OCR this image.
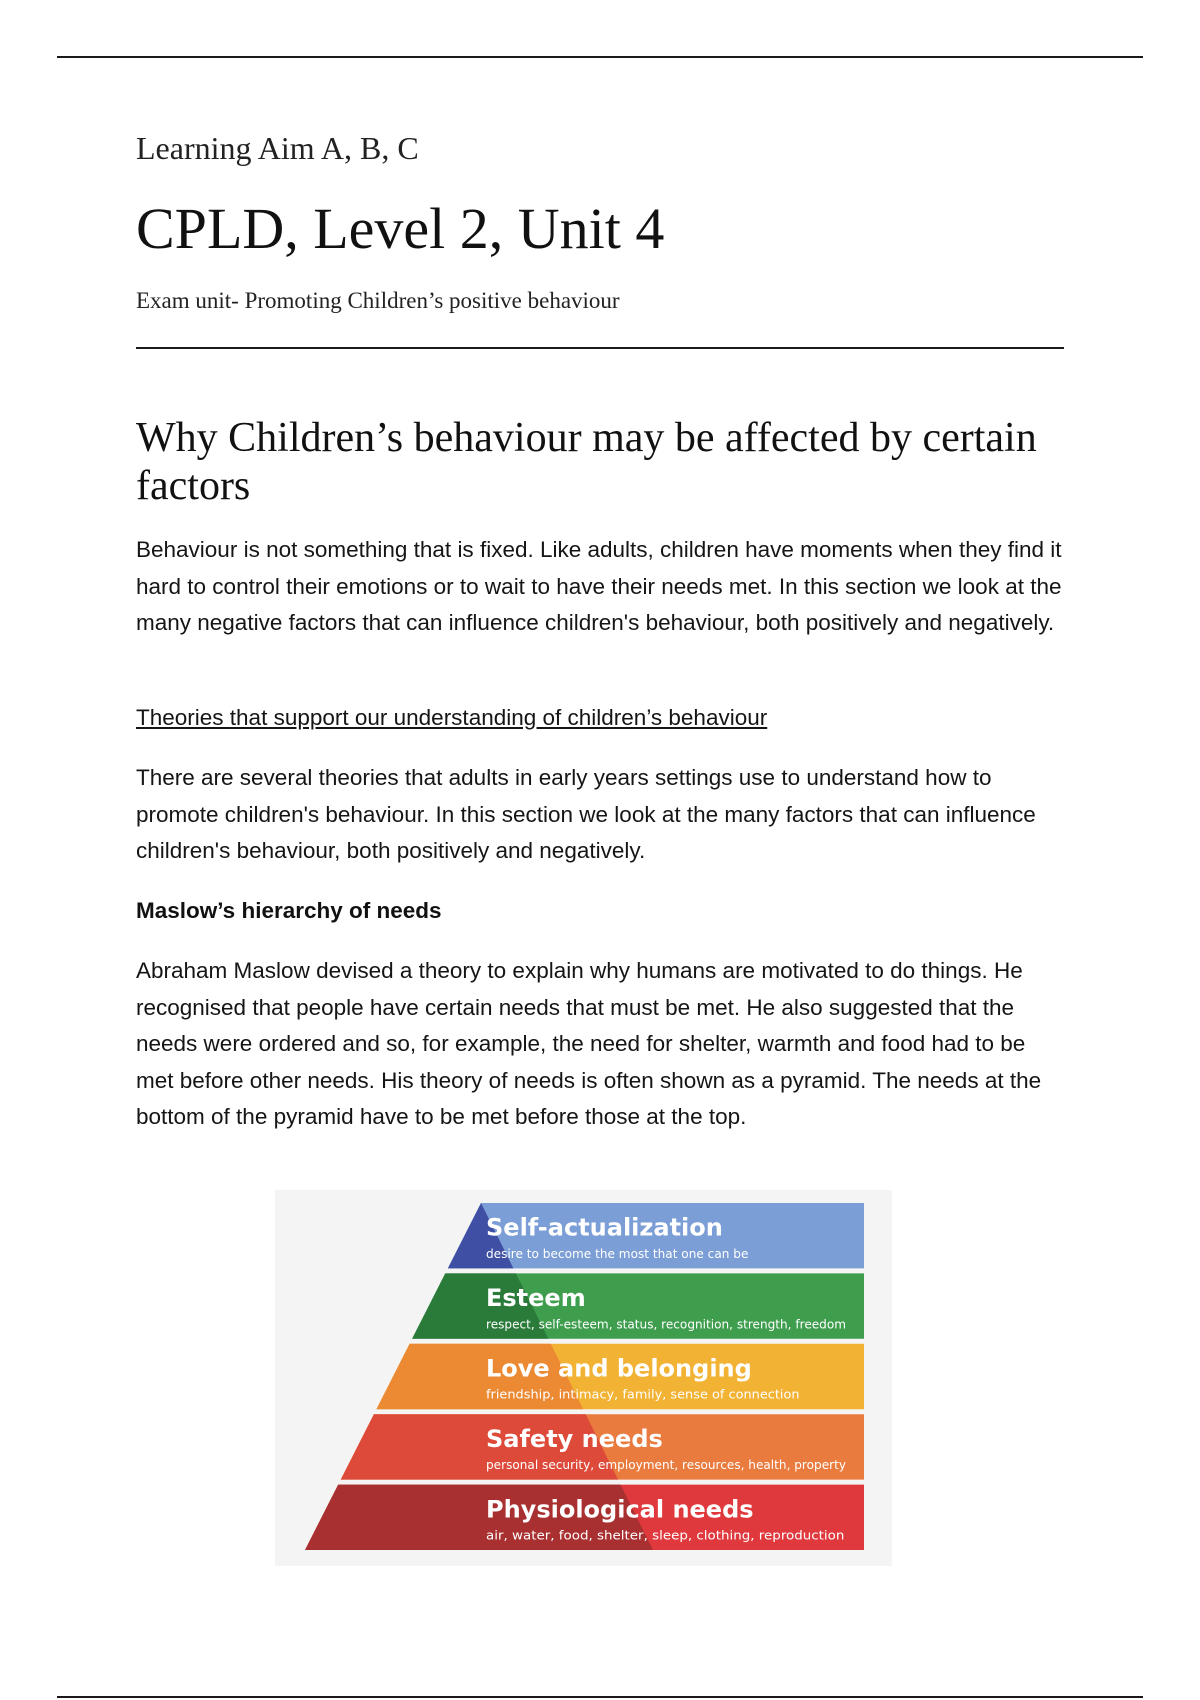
Learning Aim A, B, C
CPLD, Level 2, Unit 4
Exam unit- Promoting Children’s positive behaviour
Why Children’s behaviour may be affected by certain factors
Behaviour is not something that is fixed. Like adults, children have moments when they find it hard to control their emotions or to wait to have their needs met. In this section we look at the many negative factors that can influence children's behaviour, both positively and negatively.
Theories that support our understanding of children’s behaviour
There are several theories that adults in early years settings use to understand how to promote children's behaviour. In this section we look at the many factors that can influence children's behaviour, both positively and negatively.
Maslow’s hierarchy of needs
Abraham Maslow devised a theory to explain why humans are motivated to do things. He recognised that people have certain needs that must be met. He also suggested that the needs were ordered and so, for example, the need for shelter, warmth and food had to be met before other needs. His theory of needs is often shown as a pyramid. The needs at the bottom of the pyramid have to be met before those at the top.
Self-actualization
desire to become the most that one can be
Esteem
respect, self-esteem, status, recognition, strength, freedom
Love and belonging
friendship, intimacy, family, sense of connection
Safety needs
personal security, employment, resources, health, property
Physiological needs
air, water, food, shelter, sleep, clothing, reproduction
